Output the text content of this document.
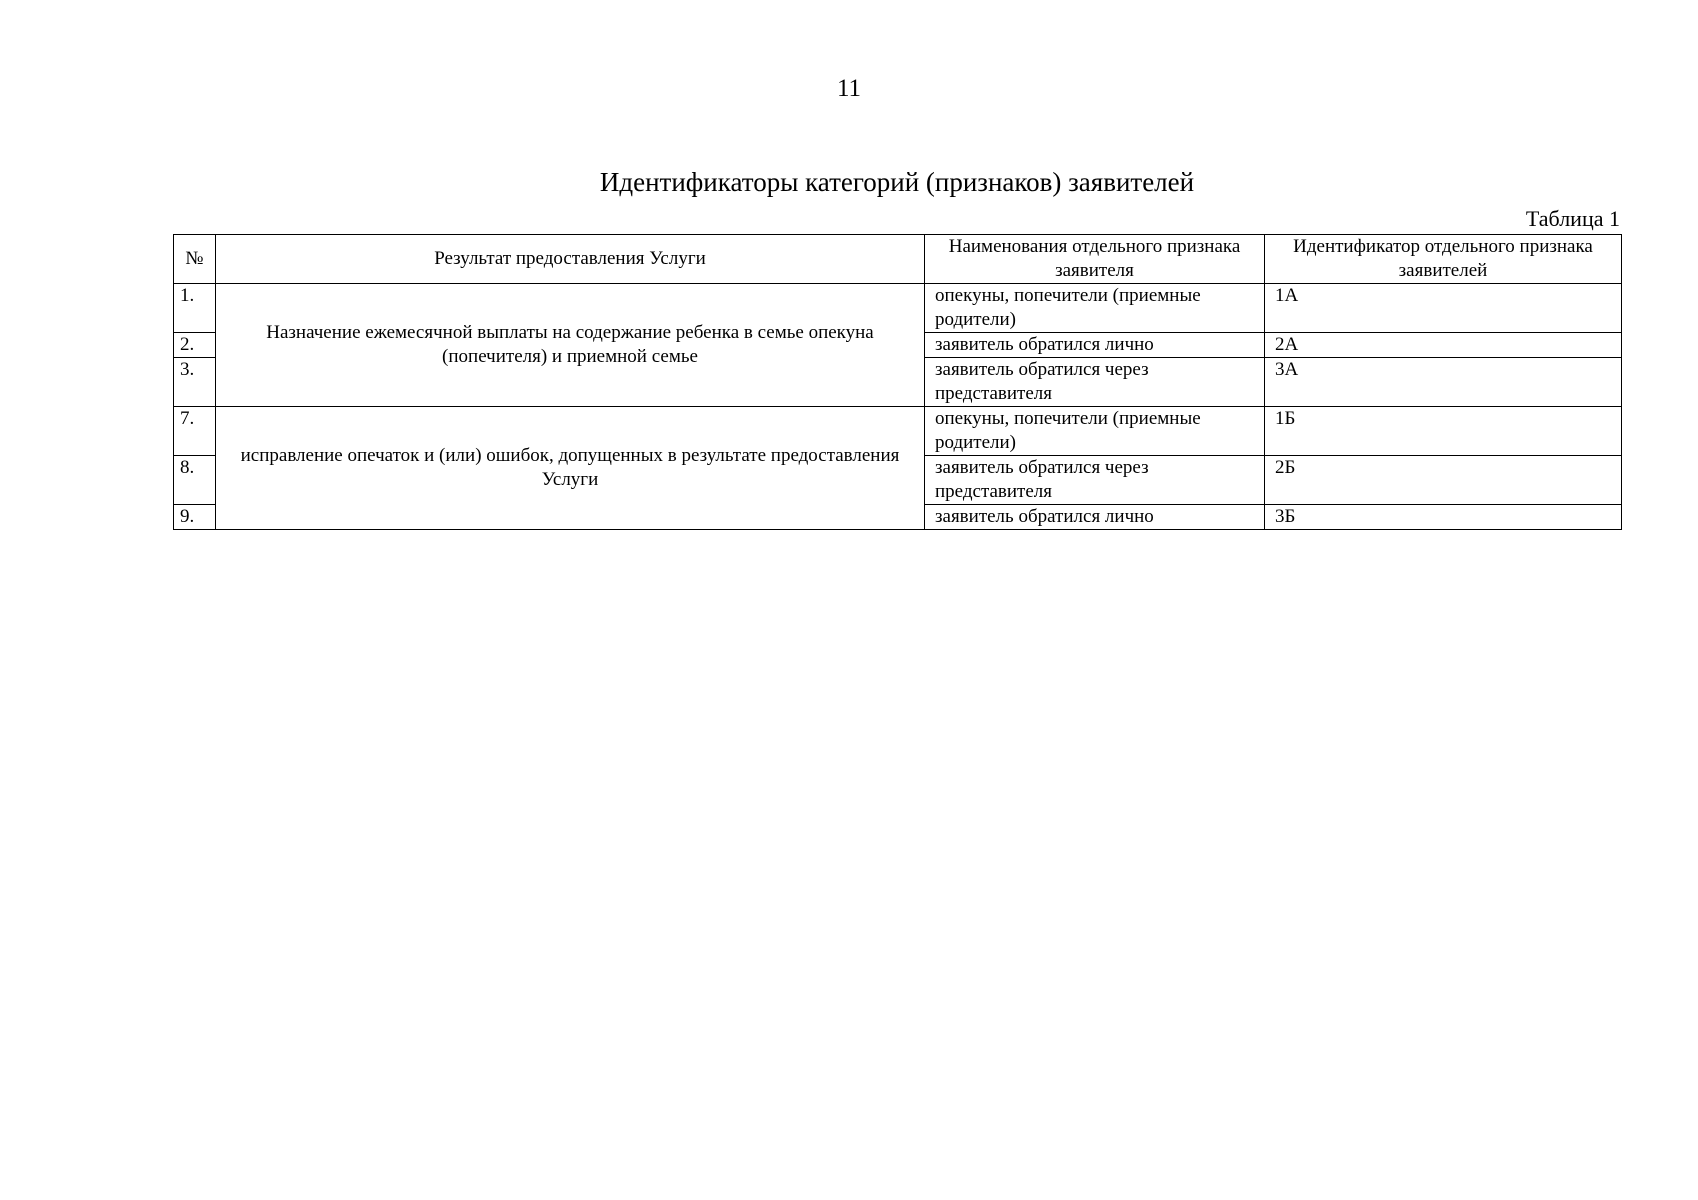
11
Идентификаторы категорий (признаков) заявителей
Таблица 1
№	Результат предоставления Услуги	Наименования отдельного признака заявителя	Идентификатор отдельного признака заявителей
1.	Назначение ежемесячной выплаты на содержание ребенка в семье опекуна (попечителя) и приемной семье	опекуны, попечители (приемные родители)	1А
2.		заявитель обратился лично	2А
3.		заявитель обратился через представителя	3А
7.	исправление опечаток и (или) ошибок, допущенных в результате предоставления Услуги	опекуны, попечители (приемные родители)	1Б
8.		заявитель обратился через представителя	2Б
9.		заявитель обратился лично	3Б
